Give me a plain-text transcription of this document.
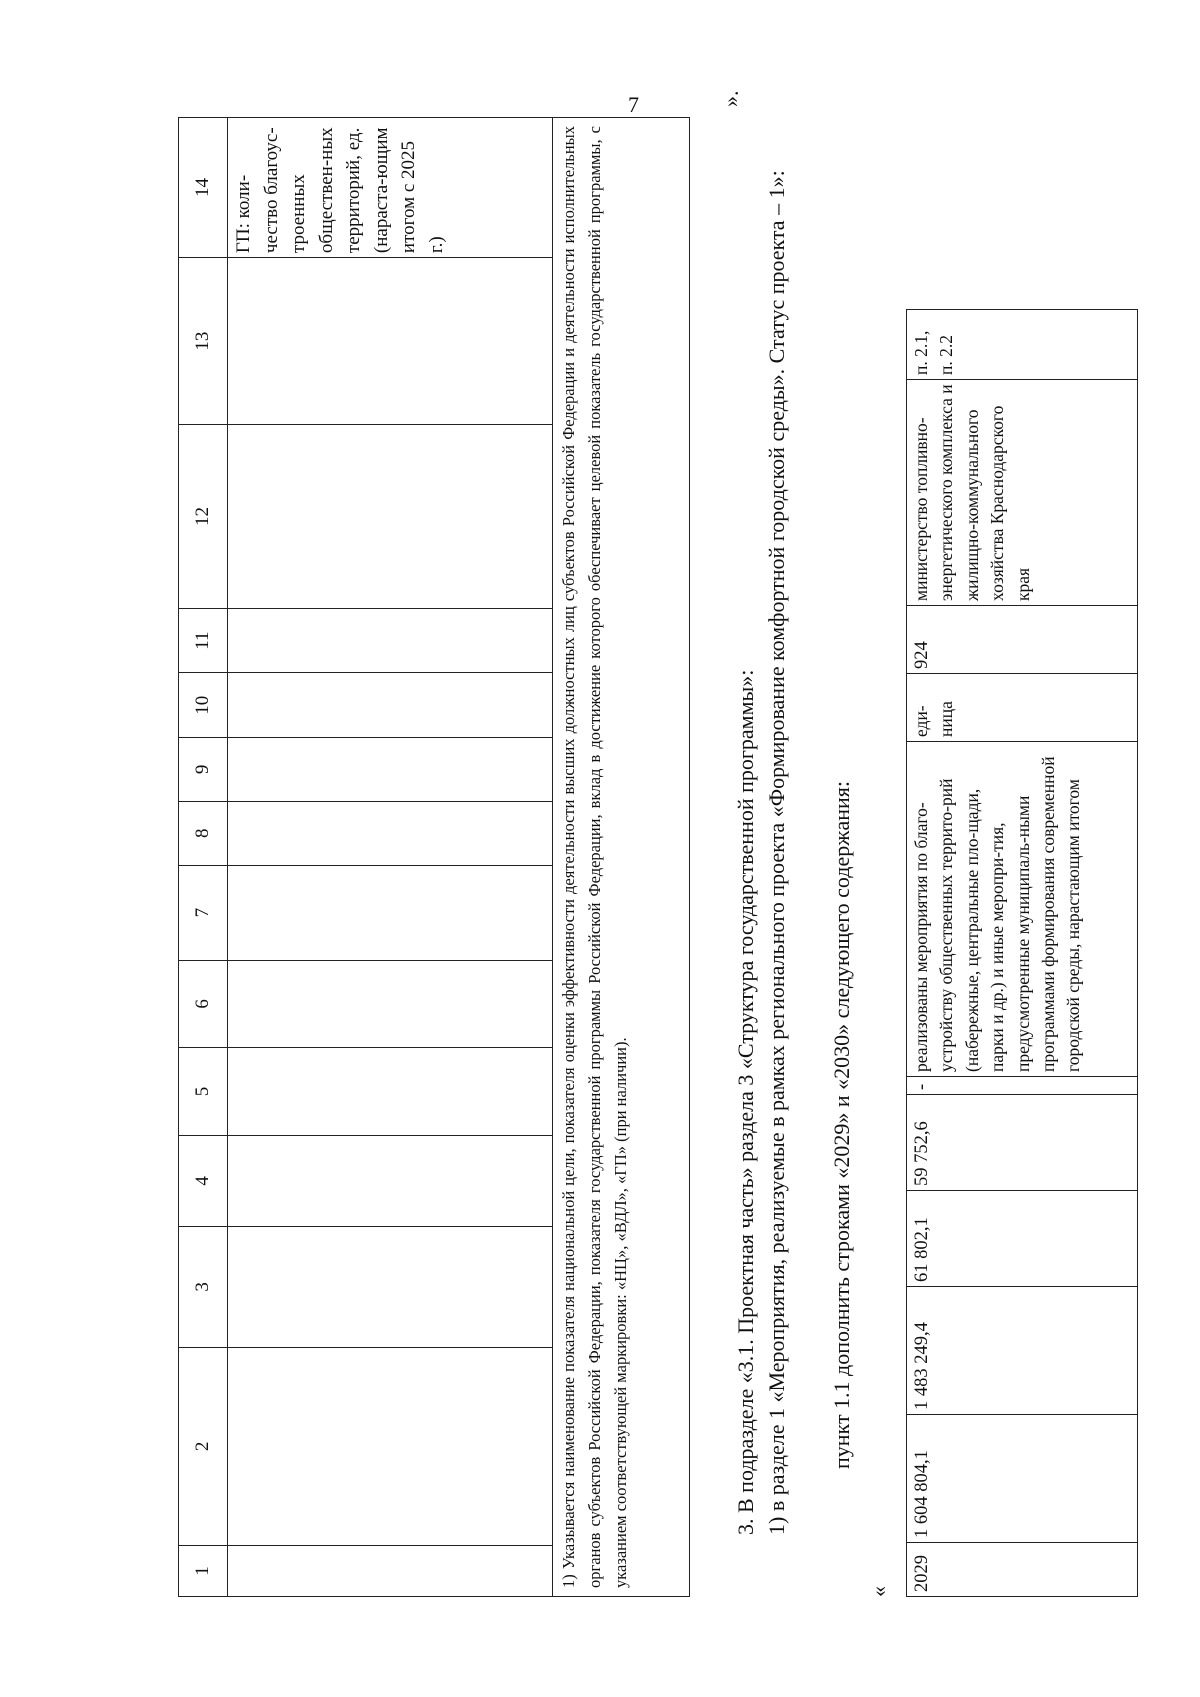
7
1	2	3	4	5	6	7	8	9	10	11	12	13	14
													ГП: коли-чество благоус-троенных обществен-ных территорий, ед. (нараста-ющим итогом с 2025 г.)
1) Указывается наименование показателя национальной цели, показателя оценки эффективности деятельности высших должностных лиц субъектов Российской Федерации и деятельности исполнительных органов субъектов Российской Федерации, показателя государственной программы Российской Федерации, вклад в достижение которого обеспечивает целевой показатель государственной программы, с указанием соответствующей маркировки: «НЦ», «ВДЛ», «ГП» (при наличии).													
».
3. В подразделе «3.1. Проектная часть» раздела 3 «Структура государственной программы»: 1) в разделе 1 «Мероприятия, реализуемые в рамках регионального проекта «Формирование комфортной городской среды». Статус проекта – 1»: пункт 1.1 дополнить строками «2029» и «2030» следующего содержания:
« 2029	1 604 804,1	1 483 249,4	61 802,1	59 752,6	-	реализованы мероприятия по благо-устройству общественных террито-рий (набережные, центральные пло-щади, парки и др.) и иные меропри-тия, предусмотренные муниципаль-ными программами формирования современной городской среды, нарастающим итогом	еди-ница	924	министерство топливно-энергетического комплекса и жилищно-коммунального хозяйства Краснодарского края	п. 2.1, п. 2.2
